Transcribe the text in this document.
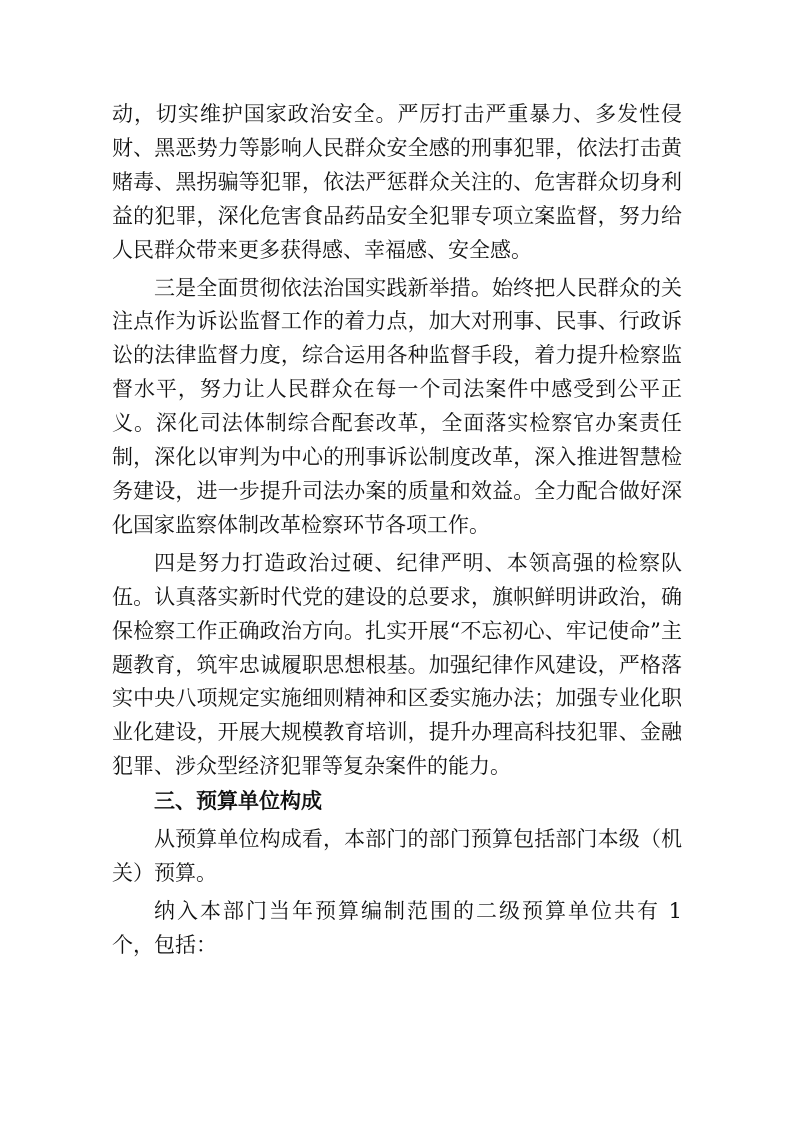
动，切实维护国家政治安全。严厉打击严重暴力、多发性侵财、黑恶势力等影响人民群众安全感的刑事犯罪，依法打击黄赌毒、黑拐骗等犯罪，依法严惩群众关注的、危害群众切身利益的犯罪，深化危害食品药品安全犯罪专项立案监督，努力给人民群众带来更多获得感、幸福感、安全感。

三是全面贯彻依法治国实践新举措。始终把人民群众的关注点作为诉讼监督工作的着力点，加大对刑事、民事、行政诉讼的法律监督力度，综合运用各种监督手段，着力提升检察监督水平，努力让人民群众在每一个司法案件中感受到公平正义。深化司法体制综合配套改革，全面落实检察官办案责任制，深化以审判为中心的刑事诉讼制度改革，深入推进智慧检务建设，进一步提升司法办案的质量和效益。全力配合做好深化国家监察体制改革检察环节各项工作。

四是努力打造政治过硬、纪律严明、本领高强的检察队伍。认真落实新时代党的建设的总要求，旗帜鲜明讲政治，确保检察工作正确政治方向。扎实开展“不忘初心、牢记使命”主题教育，筑牢忠诚履职思想根基。加强纪律作风建设，严格落实中央八项规定实施细则精神和区委实施办法；加强专业化职业化建设，开展大规模教育培训，提升办理高科技犯罪、金融犯罪、涉众型经济犯罪等复杂案件的能力。

三、预算单位构成

从预算单位构成看，本部门的部门预算包括部门本级（机关）预算。

纳入本部门当年预算编制范围的二级预算单位共有 1 个，包括：
